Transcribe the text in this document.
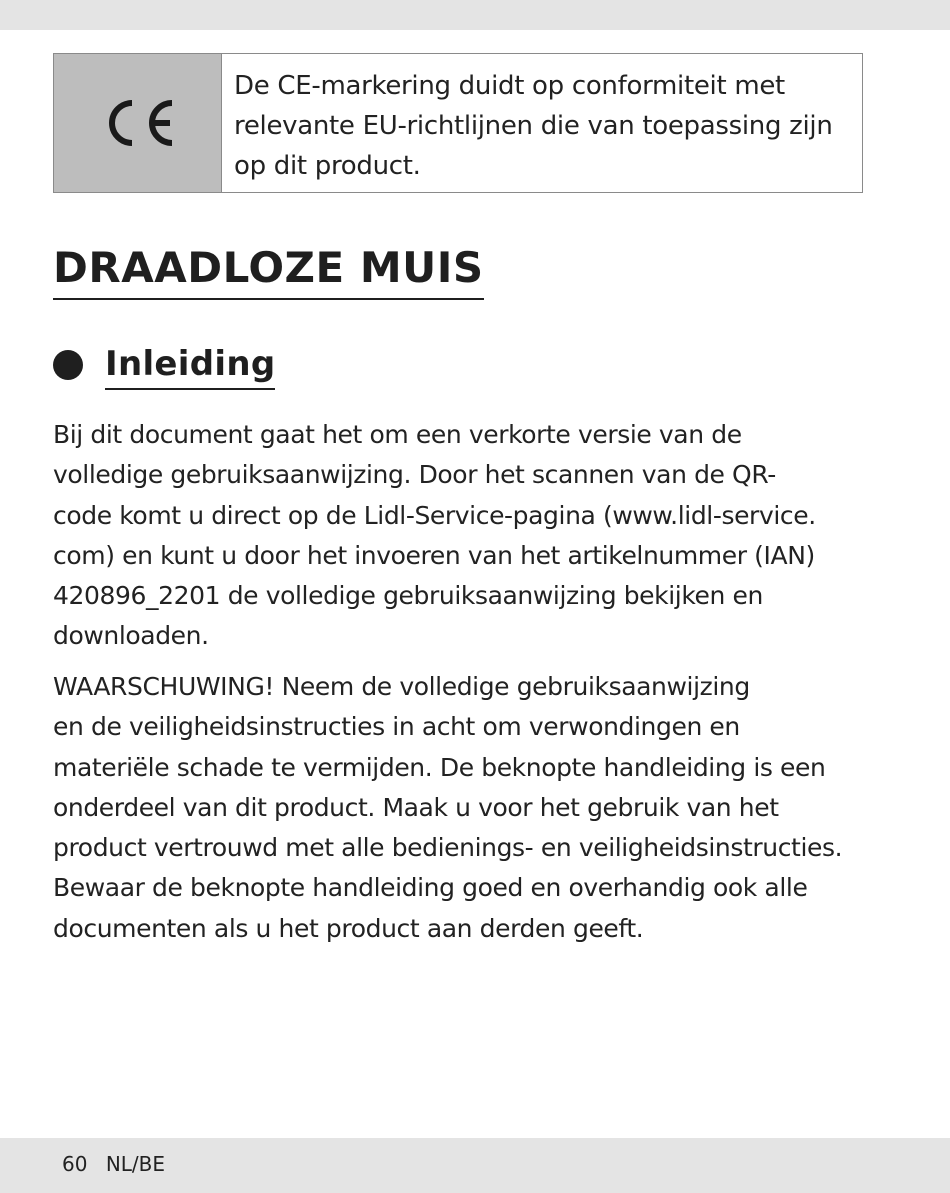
De CE-markering duidt op conformiteit met
relevante EU-richtlijnen die van toepassing zijn
op dit product.
DRAADLOZE MUIS
Inleiding

Bij dit document gaat het om een verkorte versie van de
volledige gebruiksaanwijzing. Door het scannen van de QR-
code komt u direct op de Lidl-Service-pagina (www.lidl-service.
com) en kunt u door het invoeren van het artikelnummer (IAN)
420896_2201 de volledige gebruiksaanwijzing bekijken en
downloaden.

WAARSCHUWING! Neem de volledige gebruiksaanwijzing
en de veiligheidsinstructies in acht om verwondingen en
materiële schade te vermijden. De beknopte handleiding is een
onderdeel van dit product. Maak u voor het gebruik van het
product vertrouwd met alle bedienings- en veiligheidsinstructies.
Bewaar de beknopte handleiding goed en overhandig ook alle
documenten als u het product aan derden geeft.

60 NL/BE
